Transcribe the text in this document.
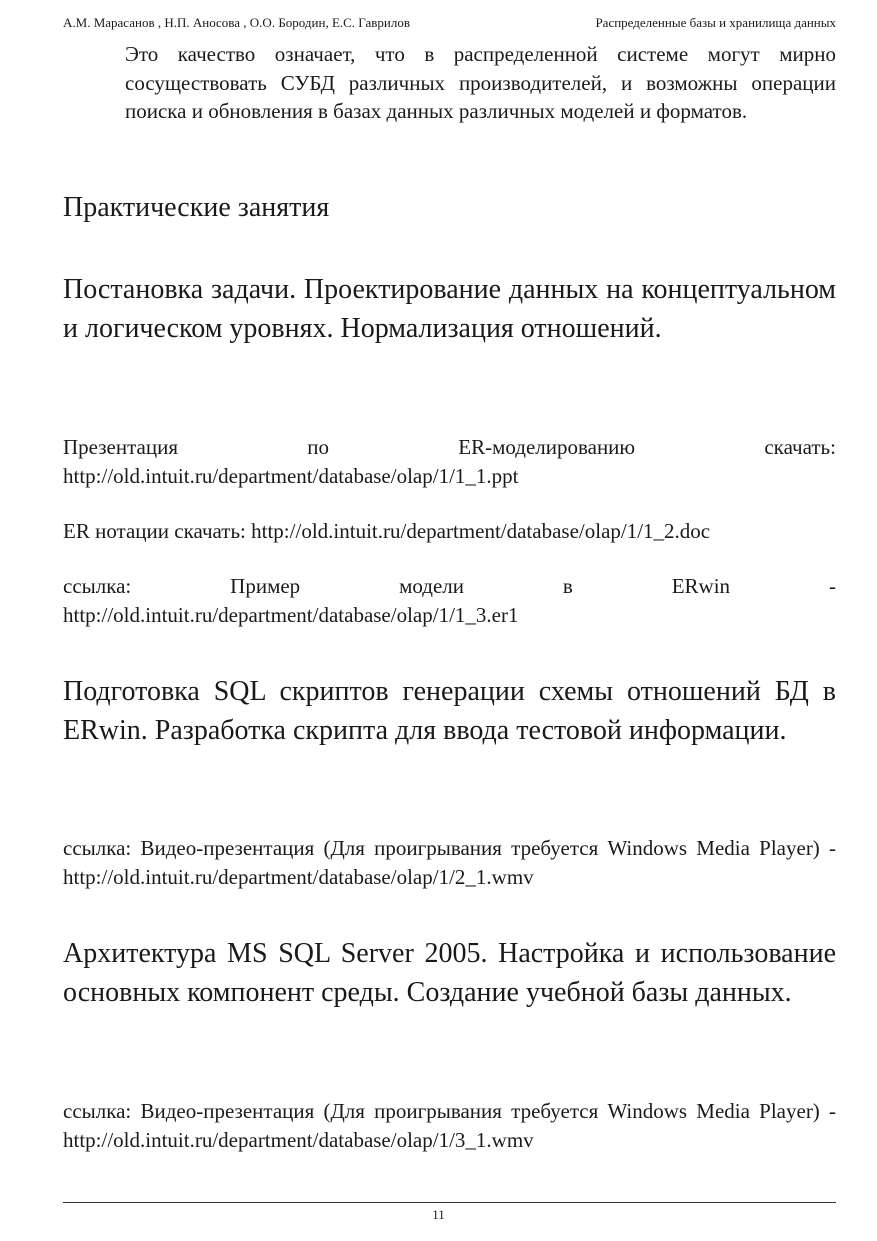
А.М. Марасанов , Н.П. Аносова , О.О. Бородин, Е.С. Гаврилов	Распределенные базы и хранилища данных
Это качество означает, что в распределенной системе могут мирно сосуществовать СУБД различных производителей, и возможны операции поиска и обновления в базах данных различных моделей и форматов.
Практические занятия
Постановка задачи. Проектирование данных на концептуальном и логическом уровнях. Нормализация отношений.
Презентация	по	ER-моделированию	скачать:
http://old.intuit.ru/department/database/olap/1/1_1.ppt
ER нотации скачать: http://old.intuit.ru/department/database/olap/1/1_2.doc
ссылка:	Пример	модели	в	ERwin	-
http://old.intuit.ru/department/database/olap/1/1_3.er1
Подготовка SQL скриптов генерации схемы отношений БД в ERwin. Разработка скрипта для ввода тестовой информации.
ссылка: Видео-презентация (Для проигрывания требуется Windows Media Player) - http://old.intuit.ru/department/database/olap/1/2_1.wmv
Архитектура MS SQL Server 2005. Настройка и использование основных компонент среды. Создание учебной базы данных.
ссылка: Видео-презентация (Для проигрывания требуется Windows Media Player) - http://old.intuit.ru/department/database/olap/1/3_1.wmv
11
